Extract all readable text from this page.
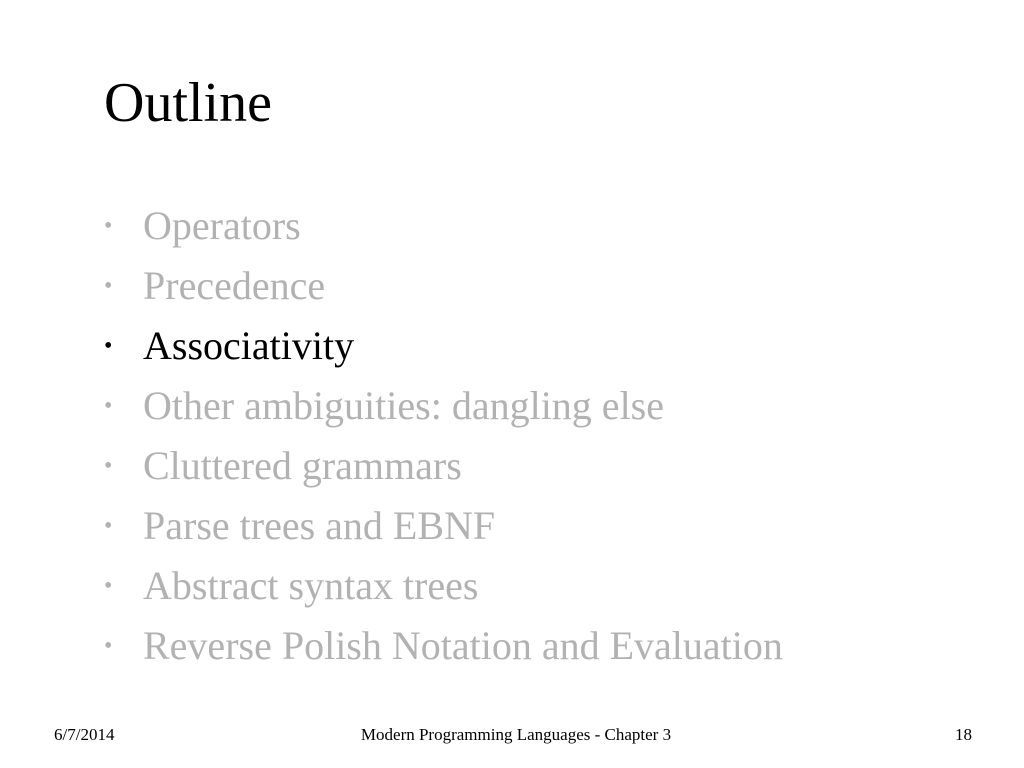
Outline
• Operators
• Precedence
• Associativity
• Other ambiguities: dangling else
• Cluttered grammars
• Parse trees and EBNF
• Abstract syntax trees
• Reverse Polish Notation and Evaluation
6/7/2014	Modern Programming Languages - Chapter 3	18
